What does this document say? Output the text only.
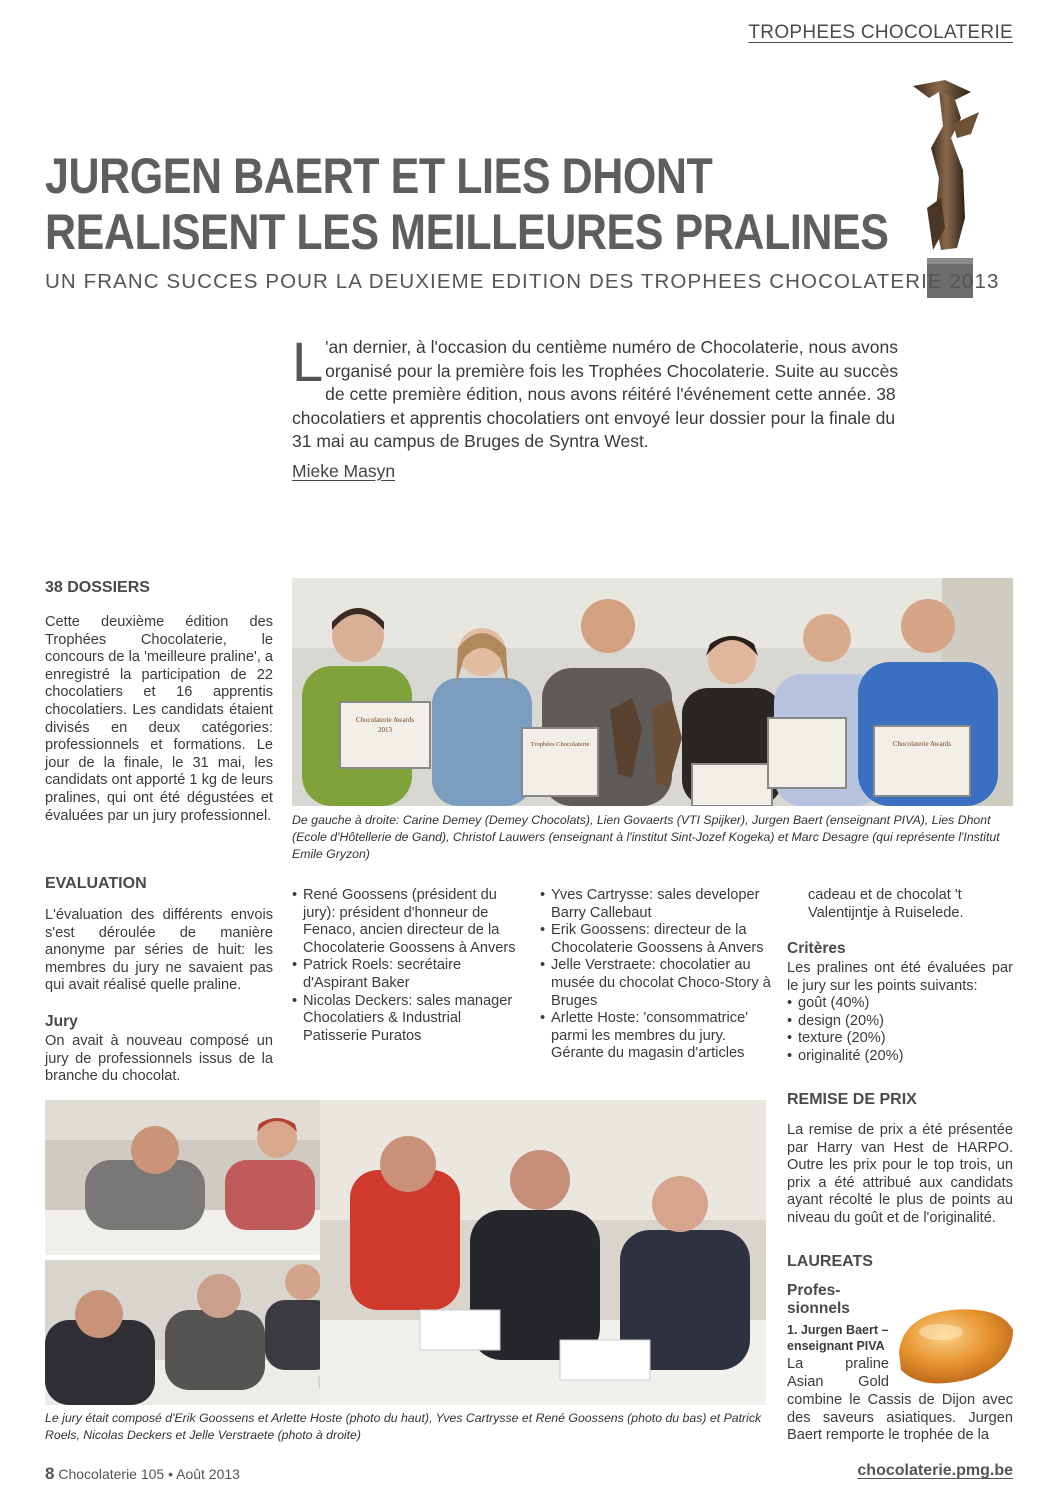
TROPHEES CHOCOLATERIE
JURGEN BAERT ET LIES DHONT
REALISENT LES MEILLEURES PRALINES
UN FRANC SUCCES POUR LA DEUXIEME EDITION DES TROPHEES CHOCOLATERIE 2013
L 'an dernier, à l'occasion du centième numéro de Chocolaterie, nous avons organisé pour la première fois les Trophées Chocolaterie. Suite au succès de cette première édition, nous avons réitéré l'événement cette année. 38 chocolatiers et apprentis chocolatiers ont envoyé leur dossier pour la finale du 31 mai au campus de Bruges de Syntra West.
Mieke Masyn
38 DOSSIERS
Cette deuxième édition des Trophées Chocolaterie, le concours de la 'meilleure praline', a enregistré la participation de 22 chocolatiers et 16 apprentis chocolatiers. Les candidats étaient divisés en deux catégories: professionnels et formations. Le jour de la finale, le 31 mai, les candidats ont apporté 1 kg de leurs pralines, qui ont été dégustées et évaluées par un jury professionnel.
EVALUATION
L'évaluation des différents envois s'est déroulée de manière anonyme par séries de huit: les membres du jury ne savaient pas qui avait réalisé quelle praline.
Jury
On avait à nouveau composé un jury de professionnels issus de la branche du chocolat.
Chocolaterie Awards
2013
Trophées Chocolaterie	Chocolaterie Awards
De gauche à droite: Carine Demey (Demey Chocolats), Lien Govaerts (VTI Spijker), Jurgen Baert (enseignant PIVA), Lies Dhont (Ecole d'Hôtellerie de Gand), Christof Lauwers (enseignant à l'institut Sint-Jozef Kogeka) et Marc Desagre (qui représente l'Institut Emile Gryzon)
• René Goossens (président du jury): président d'honneur de Fenaco, ancien directeur de la Chocolaterie Goossens à Anvers
• Patrick Roels: secrétaire d'Aspirant Baker
• Nicolas Deckers: sales manager Chocolatiers & Industrial Patisserie Puratos
• Yves Cartrysse: sales developer Barry Callebaut
• Erik Goossens: directeur de la Chocolaterie Goossens à Anvers
• Jelle Verstraete: chocolatier au musée du chocolat Choco-Story à Bruges
• Arlette Hoste: 'consommatrice' parmi les membres du jury. Gérante du magasin d'articles
cadeau et de chocolat 't Valentijntje à Ruiselede.
Critères
Les pralines ont été évaluées par le jury sur les points suivants:
• goût (40%)
• design (20%)
• texture (20%)
• originalité (20%)
REMISE DE PRIX
La remise de prix a été présentée par Harry van Hest de HARPO. Outre les prix pour le top trois, un prix a été attribué aux candidats ayant récolté le plus de points au niveau du goût et de l'originalité.
LAUREATS
Profes- sionnels
1. Jurgen Baert – enseignant PIVA
La praline Asian Gold
combine le Cassis de Dijon avec des saveurs asiatiques. Jurgen Baert remporte le trophée de la
Le jury était composé d'Erik Goossens et Arlette Hoste (photo du haut), Yves Cartrysse et René Goossens (photo du bas) et Patrick Roels, Nicolas Deckers et Jelle Verstraete (photo à droite)
8 Chocolaterie 105 • Août 2013	chocolaterie.pmg.be
